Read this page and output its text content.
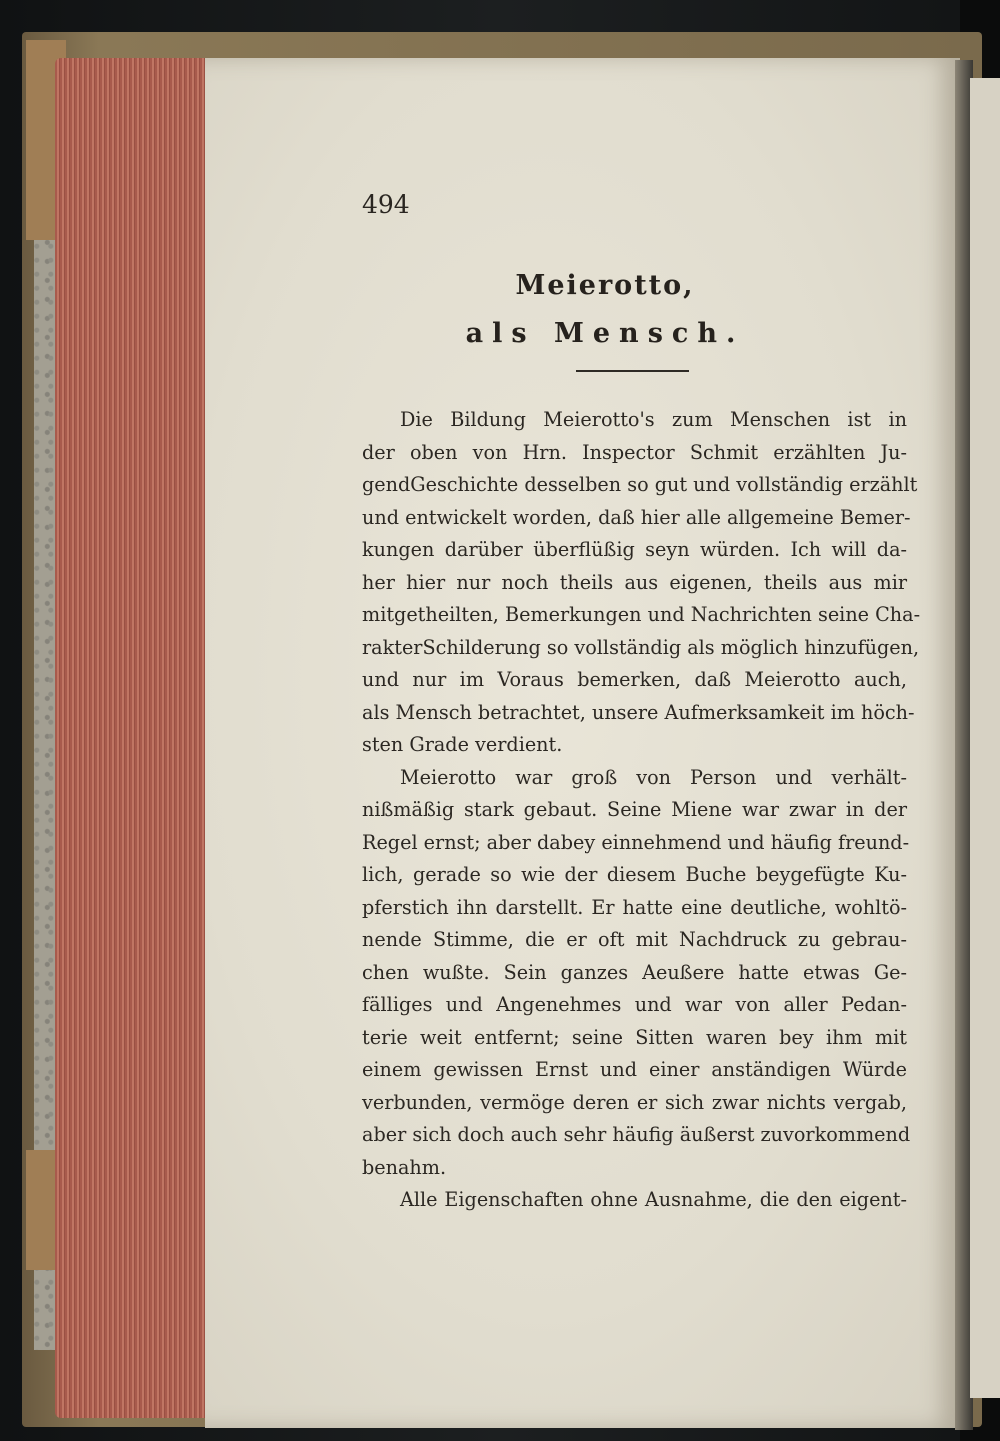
494

Meierotto,
als Mensch.
Die Bildung Meierotto's zum Menschen ist in
der oben von Hrn. Inspector Schmit erzählten Ju-
gendGeschichte desselben so gut und vollständig erzählt
und entwickelt worden, daß hier alle allgemeine Bemer-
kungen darüber überflüßig seyn würden. Ich will da-
her hier nur noch theils aus eigenen, theils aus mir
mitgetheilten, Bemerkungen und Nachrichten seine Cha-
rakterSchilderung so vollständig als möglich hinzufügen,
und nur im Voraus bemerken, daß Meierotto auch,
als Mensch betrachtet, unsere Aufmerksamkeit im höch-
sten Grade verdient.
Meierotto war groß von Person und verhält-
nißmäßig stark gebaut. Seine Miene war zwar in der
Regel ernst; aber dabey einnehmend und häufig freund-
lich, gerade so wie der diesem Buche beygefügte Ku-
pferstich ihn darstellt. Er hatte eine deutliche, wohltö-
nende Stimme, die er oft mit Nachdruck zu gebrau-
chen wußte. Sein ganzes Aeußere hatte etwas Ge-
fälliges und Angenehmes und war von aller Pedan-
terie weit entfernt; seine Sitten waren bey ihm mit
einem gewissen Ernst und einer anständigen Würde
verbunden, vermöge deren er sich zwar nichts vergab,
aber sich doch auch sehr häufig äußerst zuvorkommend
benahm.
Alle Eigenschaften ohne Ausnahme, die den eigent-
